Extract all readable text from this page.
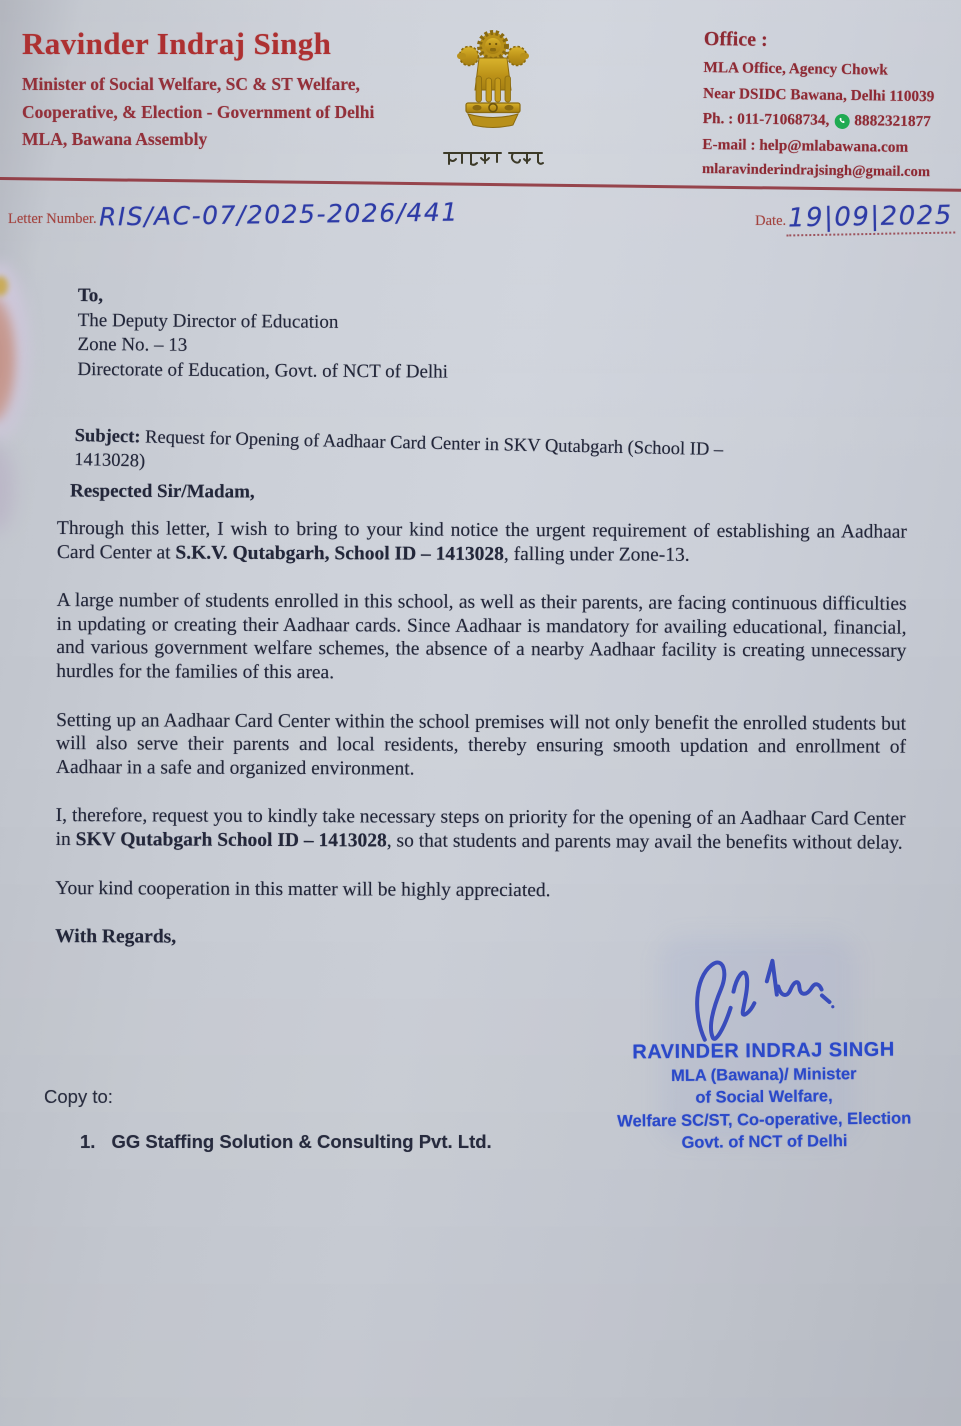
Ravinder Indraj Singh
Minister of Social Welfare, SC & ST Welfare,
Cooperative, & Election - Government of Delhi
MLA, Bawana Assembly

Office :
MLA Office, Agency Chowk
Near DSIDC Bawana, Delhi 110039
Ph. : 011-71068734, 8882321877
E-mail : help@mlabawana.com
mlaravinderindrajsingh@gmail.com
Letter Number.RIS/AC-07/2025-2026/441	Date.19|09|2025
To,
The Deputy Director of Education
Zone No. – 13
Directorate of Education, Govt. of NCT of Delhi
Subject: Request for Opening of Aadhaar Card Center in SKV Qutabgarh (School ID – 1413028)
Respected Sir/Madam,

Through this letter, I wish to bring to your kind notice the urgent requirement of establishing an Aadhaar Card Center at S.K.V. Qutabgarh, School ID – 1413028, falling under Zone-13.

A large number of students enrolled in this school, as well as their parents, are facing continuous difficulties in updating or creating their Aadhaar cards. Since Aadhaar is mandatory for availing educational, financial, and various government welfare schemes, the absence of a nearby Aadhaar facility is creating unnecessary hurdles for the families of this area.

Setting up an Aadhaar Card Center within the school premises will not only benefit the enrolled students but will also serve their parents and local residents, thereby ensuring smooth updation and enrollment of Aadhaar in a safe and organized environment.

I, therefore, request you to kindly take necessary steps on priority for the opening of an Aadhaar Card Center in SKV Qutabgarh School ID – 1413028, so that students and parents may avail the benefits without delay.

Your kind cooperation in this matter will be highly appreciated.

With Regards,
RAVINDER INDRAJ SINGH
MLA (Bawana)/ Minister
of Social Welfare,
Welfare SC/ST, Co-operative, Election
Govt. of NCT of Delhi
Copy to:
1. GG Staffing Solution & Consulting Pvt. Ltd.
